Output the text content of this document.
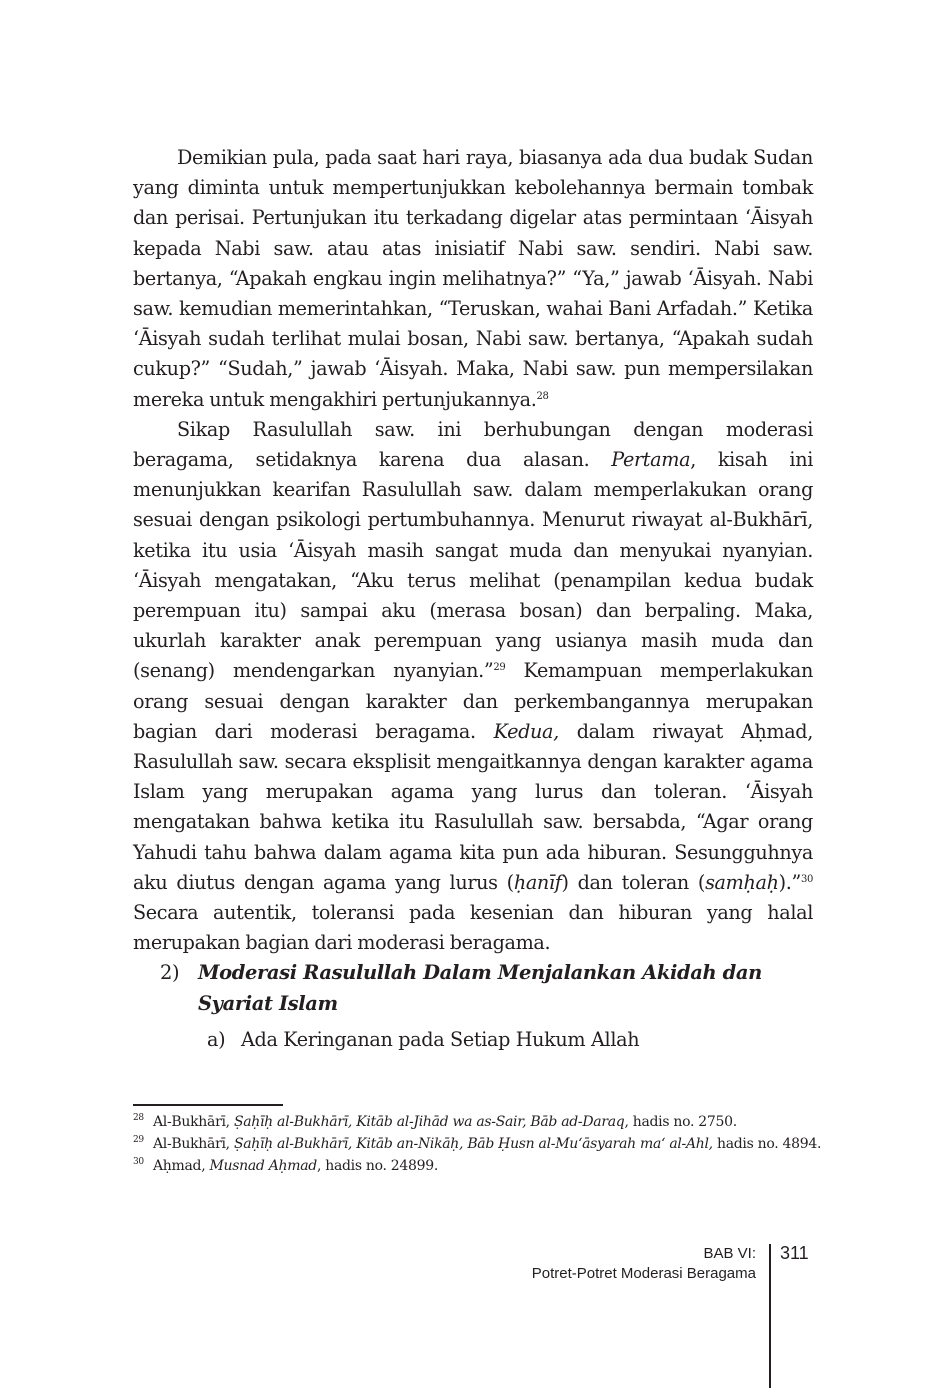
Demikian pula, pada saat hari raya, biasanya ada dua budak Sudan yang diminta untuk mempertunjukkan kebolehannya bermain tombak dan perisai. Pertunjukan itu terkadang digelar atas permintaan ‘Āisyah kepada Nabi saw. atau atas inisiatif Nabi saw. sendiri. Nabi saw. bertanya, “Apakah engkau ingin melihatnya?” “Ya,” jawab ‘Āisyah. Nabi saw. kemudian memerintahkan, “Teruskan, wahai Bani Arfadah.” Ketika ‘Āisyah sudah terlihat mulai bosan, Nabi saw. bertanya, “Apakah sudah cukup?” “Sudah,” jawab ‘Āisyah. Maka, Nabi saw. pun mempersilakan mereka untuk mengakhiri pertunjukannya.$^{28}$

Sikap Rasulullah saw. ini berhubungan dengan moderasi beragama, setidaknya karena dua alasan. Pertama, kisah ini menunjukkan kearifan Rasulullah saw. dalam memperlakukan orang sesuai dengan psikologi pertumbuhannya. Menurut riwayat al-Bukhārī, ketika itu usia ‘Āisyah masih sangat muda dan menyukai nyanyian. ‘Āisyah mengatakan, “Aku terus melihat (penampilan kedua budak perempuan itu) sampai aku (merasa bosan) dan berpaling. Maka, ukurlah karakter anak perempuan yang usianya masih muda dan (senang) mendengarkan nyanyian.”$^{29}$ Kemampuan memperlakukan orang sesuai dengan karakter dan perkembangannya merupakan bagian dari moderasi beragama. Kedua, dalam riwayat Aḥmad, Rasulullah saw. secara eksplisit mengaitkannya dengan karakter agama Islam yang merupakan agama yang lurus dan toleran. ‘Āisyah mengatakan bahwa ketika itu Rasulullah saw. bersabda, “Agar orang Yahudi tahu bahwa dalam agama kita pun ada hiburan. Sesungguhnya aku diutus dengan agama yang lurus (ḥanīf) dan toleran (samḥaḥ).”$^{30}$ Secara autentik, toleransi pada kesenian dan hiburan yang halal merupakan bagian dari moderasi beragama.

2) Moderasi Rasulullah Dalam Menjalankan Akidah dan Syariat Islam
a) Ada Keringanan pada Setiap Hukum Allah
28 Al-Bukhārī, Ṣaḥīḥ al-Bukhārī, Kitāb al-Jihād wa as-Sair, Bāb ad-Daraq, hadis no. 2750.
29 Al-Bukhārī, Ṣaḥīḥ al-Bukhārī, Kitāb an-Nikāḥ, Bāb Ḥusn al-Mu‘āsyarah ma‘ al-Ahl, hadis no. 4894.
30 Aḥmad, Musnad Aḥmad, hadis no. 24899.
BAB VI:
Potret-Potret Moderasi Beragama
311
